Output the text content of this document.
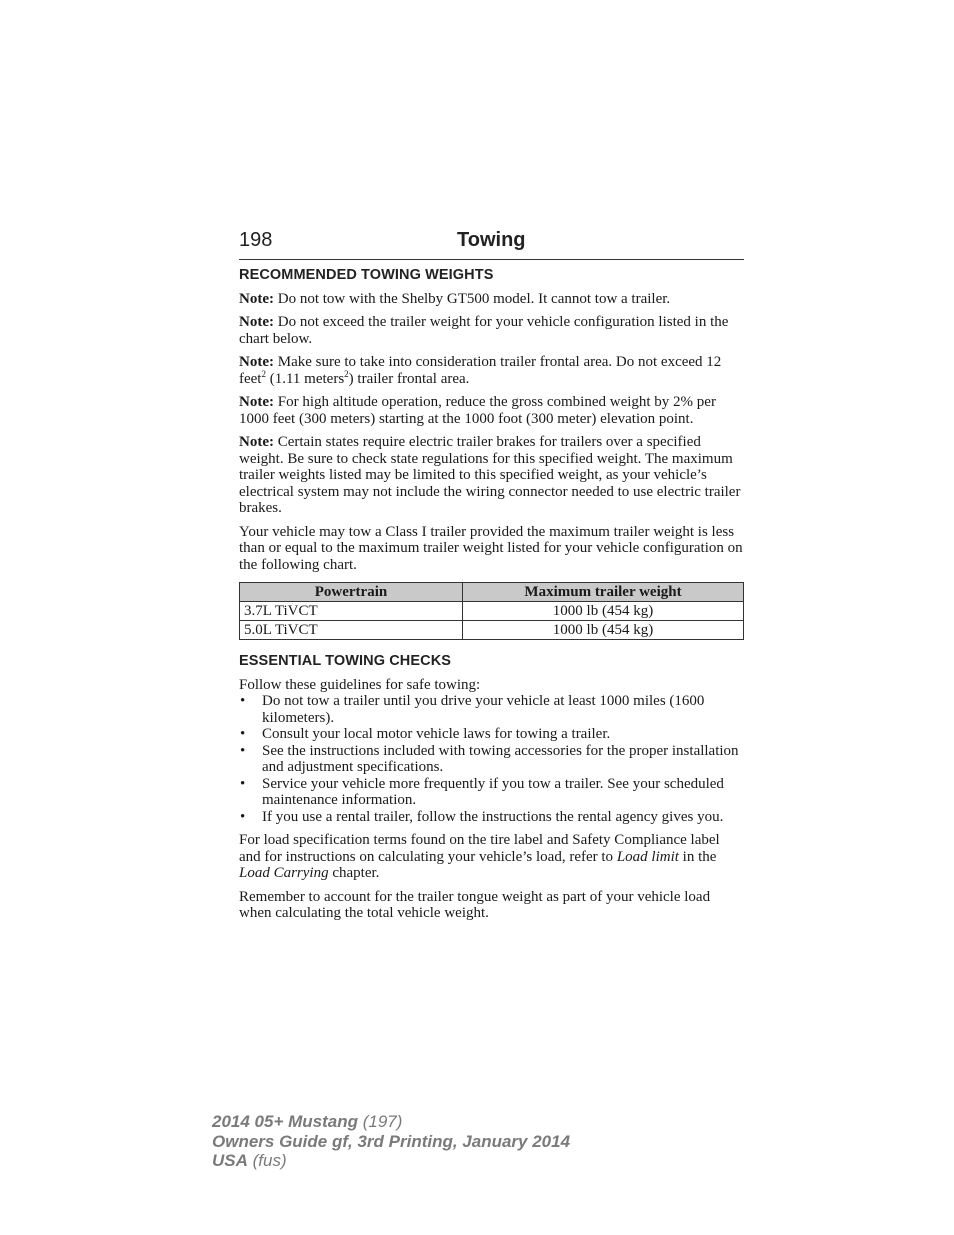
198	Towing
RECOMMENDED TOWING WEIGHTS

Note: Do not tow with the Shelby GT500 model. It cannot tow a trailer.

Note: Do not exceed the trailer weight for your vehicle configuration listed in the chart below.

Note: Make sure to take into consideration trailer frontal area. Do not exceed 12 feet$^2$ (1.11 meters$^2$) trailer frontal area.

Note: For high altitude operation, reduce the gross combined weight by 2% per 1000 feet (300 meters) starting at the 1000 foot (300 meter) elevation point.

Note: Certain states require electric trailer brakes for trailers over a specified weight. Be sure to check state regulations for this specified weight. The maximum trailer weights listed may be limited to this specified weight, as your vehicle’s electrical system may not include the wiring connector needed to use electric trailer brakes.

Your vehicle may tow a Class I trailer provided the maximum trailer weight is less than or equal to the maximum trailer weight listed for your vehicle configuration on the following chart.

Powertrain	Maximum trailer weight
3.7L TiVCT	1000 lb (454 kg)
5.0L TiVCT	1000 lb (454 kg)
ESSENTIAL TOWING CHECKS

Follow these guidelines for safe towing:

• Do not tow a trailer until you drive your vehicle at least 1000 miles (1600 kilometers).
• Consult your local motor vehicle laws for towing a trailer.
• See the instructions included with towing accessories for the proper installation and adjustment specifications.
• Service your vehicle more frequently if you tow a trailer. See your scheduled maintenance information.
• If you use a rental trailer, follow the instructions the rental agency gives you.

For load specification terms found on the tire label and Safety Compliance label and for instructions on calculating your vehicle’s load, refer to Load limit in the Load Carrying chapter.

Remember to account for the trailer tongue weight as part of your vehicle load when calculating the total vehicle weight.

2014 05+ Mustang (197)
Owners Guide gf, 3rd Printing, January 2014
USA (fus)
